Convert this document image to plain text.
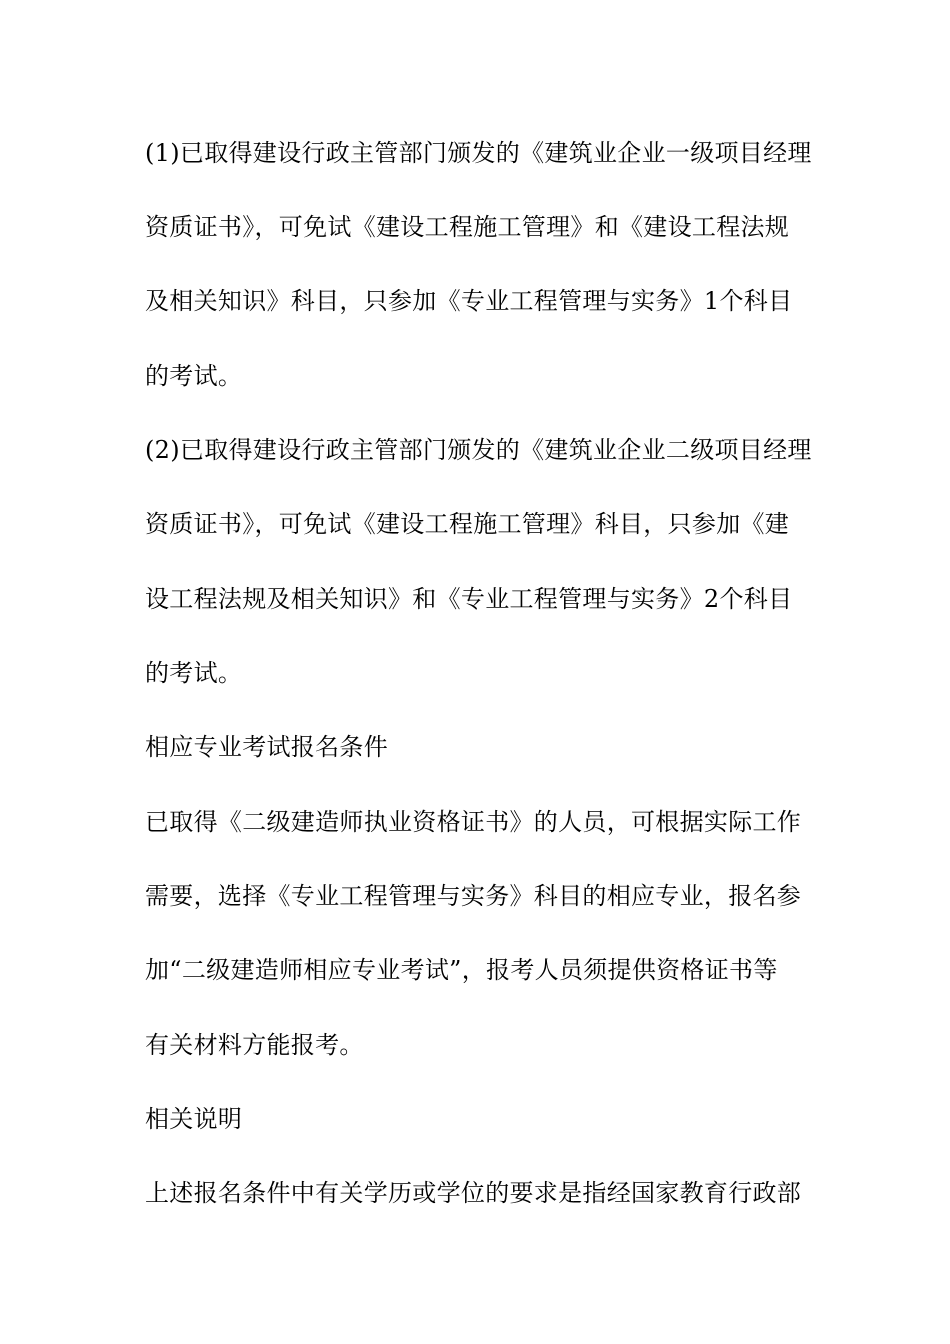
(1)已取得建设行政主管部门颁发的《建筑业企业一级项目经理
资质证书》，可免试《建设工程施工管理》和《建设工程法规
及相关知识》科目，只参加《专业工程管理与实务》1个科目
的考试。
(2)已取得建设行政主管部门颁发的《建筑业企业二级项目经理
资质证书》，可免试《建设工程施工管理》科目，只参加《建
设工程法规及相关知识》和《专业工程管理与实务》2个科目
的考试。
相应专业考试报名条件
已取得《二级建造师执业资格证书》的人员，可根据实际工作
需要，选择《专业工程管理与实务》科目的相应专业，报名参
加“二级建造师相应专业考试”，报考人员须提供资格证书等
有关材料方能报考。
相关说明
上述报名条件中有关学历或学位的要求是指经国家教育行政部
